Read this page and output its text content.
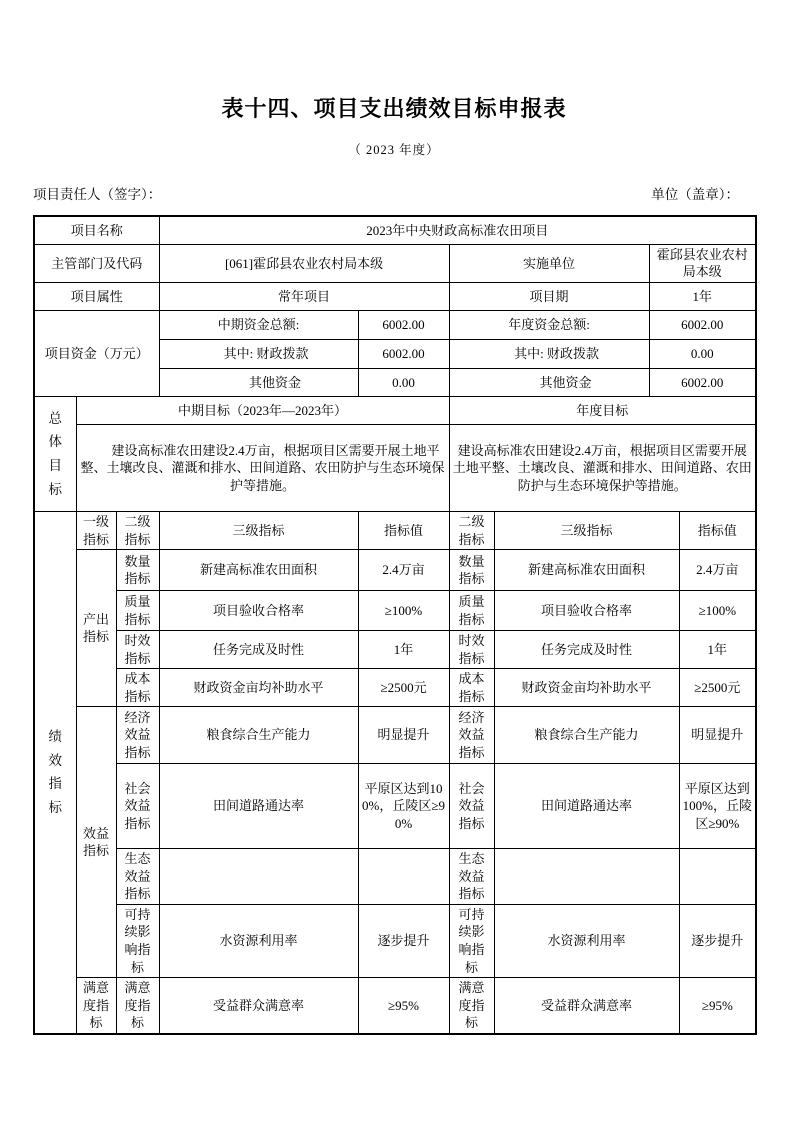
表十四、项目支出绩效目标申报表
（ 2023 年度）
项目责任人（签字）：	单位（盖章）：
项目名称			2023年中央财政高标准农田项目					
主管部门及代码			[061]霍邱县农业农村局本级		实施单位		霍邱县农业农村局本级	
项目属性			常年项目		项目期		1年	
项目资金（万元）			中期资金总额:	6002.00	年度资金总额:		6002.00	
			其中: 财政拨款	6002.00	其中: 财政拨款		0.00	
			其他资金	0.00	其他资金		6002.00	

总体目标	中期目标（2023年—2023年）				年度目标			
	建设高标准农田建设2.4万亩，根据项目区需要开展土地平整、土壤改良、灌溉和排水、田间道路、农田防护与生态环境保护等措施。				建设高标准农田建设2.4万亩，根据项目区需要开展土地平整、土壤改良、灌溉和排水、田间道路、农田防护与生态环境保护等措施。			

绩效指标	一级指标	二级指标	三级指标	指标值	二级指标	三级指标		指标值
	产出指标	数量指标	新建高标准农田面积	2.4万亩	数量指标	新建高标准农田面积		2.4万亩
		质量指标	项目验收合格率	≥100%	质量指标	项目验收合格率		≥100%
		时效指标	任务完成及时性	1年	时效指标	任务完成及时性		1年
		成本指标	财政资金亩均补助水平	≥2500元	成本指标	财政资金亩均补助水平		≥2500元
	效益指标	经济效益指标	粮食综合生产能力	明显提升	经济效益指标	粮食综合生产能力		明显提升
		社会效益指标	田间道路通达率	平原区达到100%，丘陵区≥90%	社会效益指标	田间道路通达率		平原区达到100%，丘陵区≥90%
		生态效益指标			生态效益指标			
		可持续影响指标	水资源利用率	逐步提升	可持续影响指标	水资源利用率		逐步提升
	满意度指标	满意度指标	受益群众满意率	≥95%	满意度指标	受益群众满意率		≥95%
